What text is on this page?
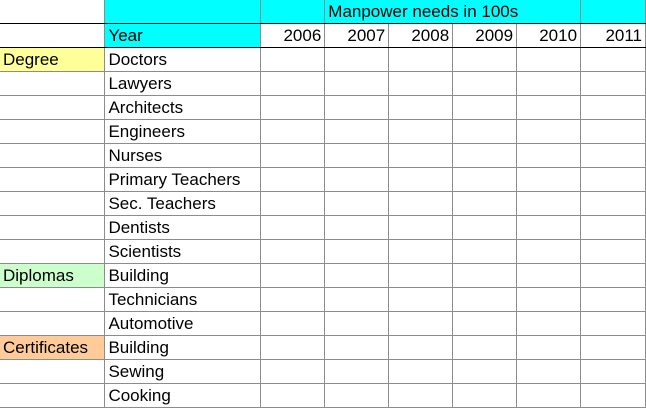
			Manpower needs in 100s				
	Year	2006	2007	2008	2009	2010	2011
Degree	Doctors						
	Lawyers						
	Architects						
	Engineers						
	Nurses						
	Primary Teachers						
	Sec. Teachers						
	Dentists						
	Scientists						
Diplomas	Building						
	Technicians						
	Automotive						
Certificates	Building						
	Sewing						
	Cooking						
